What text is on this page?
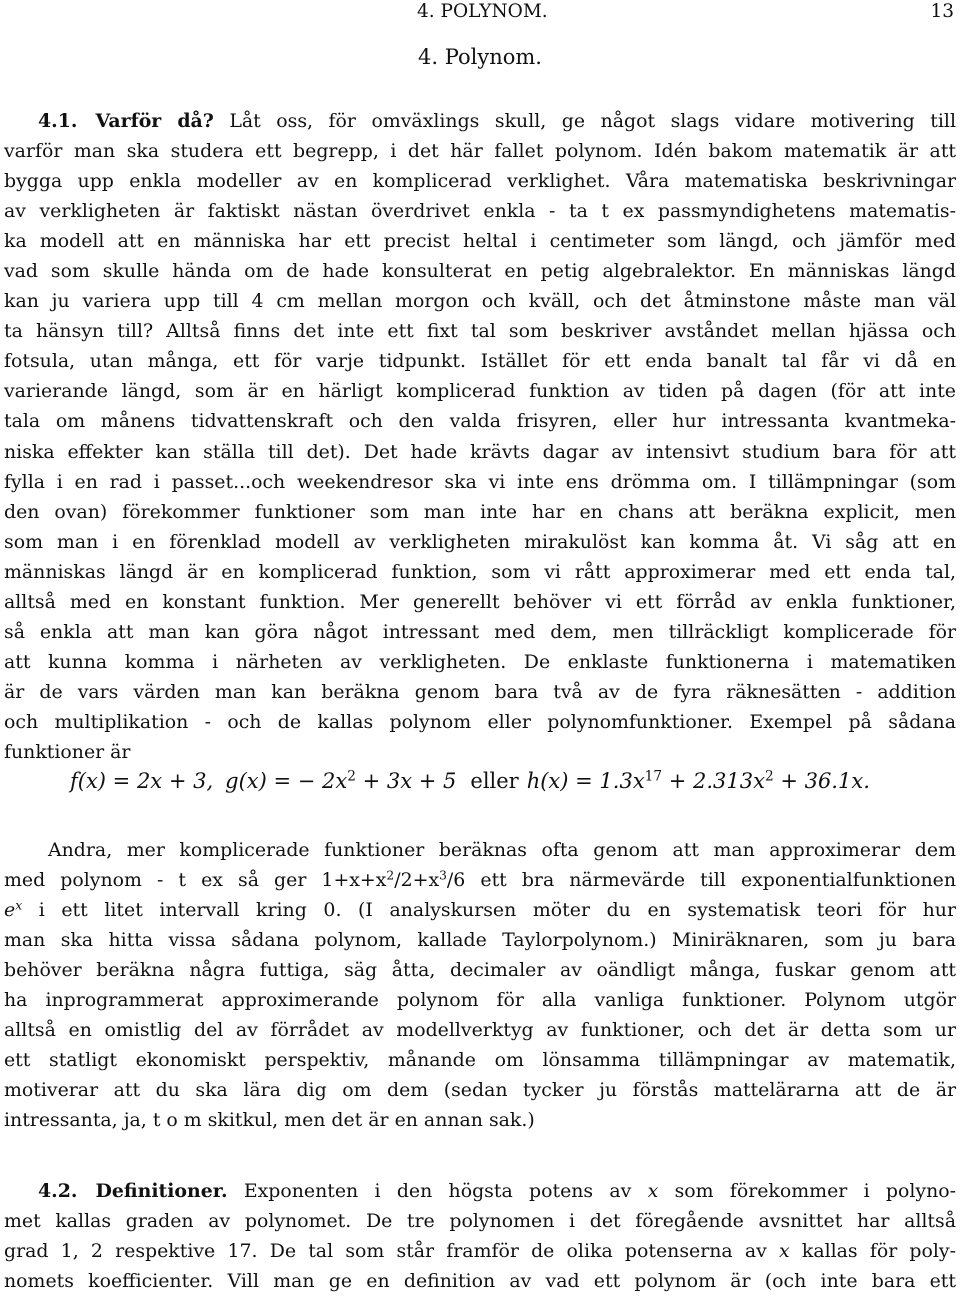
4. POLYNOM.	13
4. Polynom.

4.1. Varför då? Låt oss, för omväxlings skull, ge något slags vidare motivering till
varför man ska studera ett begrepp, i det här fallet polynom. Idén bakom matematik är att
bygga upp enkla modeller av en komplicerad verklighet. Våra matematiska beskrivningar
av verkligheten är faktiskt nästan överdrivet enkla - ta t ex passmyndighetens matematis-
ka modell att en människa har ett precist heltal i centimeter som längd, och jämför med
vad som skulle hända om de hade konsulterat en petig algebralektor. En människas längd
kan ju variera upp till 4 cm mellan morgon och kväll, och det åtminstone måste man väl
ta hänsyn till? Alltså finns det inte ett fixt tal som beskriver avståndet mellan hjässa och
fotsula, utan många, ett för varje tidpunkt. Istället för ett enda banalt tal får vi då en
varierande längd, som är en härligt komplicerad funktion av tiden på dagen (för att inte
tala om månens tidvattenskraft och den valda frisyren, eller hur intressanta kvantmeka-
niska effekter kan ställa till det). Det hade krävts dagar av intensivt studium bara för att
fylla i en rad i passet...och weekendresor ska vi inte ens drömma om. I tillämpningar (som
den ovan) förekommer funktioner som man inte har en chans att beräkna explicit, men
som man i en förenklad modell av verkligheten mirakulöst kan komma åt. Vi såg att en
människas längd är en komplicerad funktion, som vi rått approximerar med ett enda tal,
alltså med en konstant funktion. Mer generellt behöver vi ett förråd av enkla funktioner,
så enkla att man kan göra något intressant med dem, men tillräckligt komplicerade för
att kunna komma i närheten av verkligheten. De enklaste funktionerna i matematiken
är de vars värden man kan beräkna genom bara två av de fyra räknesätten - addition
och multiplikation - och de kallas polynom eller polynomfunktioner. Exempel på sådana
funktioner är

f(x) = 2x + 3, g(x) = − $2x^2 + 3x + 5$ eller $h(x) = 1.3x^{17} + 2.313x^2 + 36.1x$.
Andra, mer komplicerade funktioner beräknas ofta genom att man approximerar dem
med polynom - t ex så ger $1+x+x^2/2+x^3/6$ ett bra närmevärde till exponentialfunktionen
$e^x$ i ett litet intervall kring 0. (I analyskursen möter du en systematisk teori för hur
man ska hitta vissa sådana polynom, kallade Taylorpolynom.) Miniräknaren, som ju bara
behöver beräkna några futtiga, säg åtta, decimaler av oändligt många, fuskar genom att
ha inprogrammerat approximerande polynom för alla vanliga funktioner. Polynom utgör
alltså en omistlig del av förrådet av modellverktyg av funktioner, och det är detta som ur
ett statligt ekonomiskt perspektiv, månande om lönsamma tillämpningar av matematik,
motiverar att du ska lära dig om dem (sedan tycker ju förstås mattelärarna att de är
intressanta, ja, t o m skitkul, men det är en annan sak.)
4.2. Definitioner. Exponenten i den högsta potens av x som förekommer i polyno-
met kallas graden av polynomet. De tre polynomen i det föregående avsnittet har alltså
grad 1, 2 respektive 17. De tal som står framför de olika potenserna av x kallas för poly-
nomets koefficienter. Vill man ge en definition av vad ett polynom är (och inte bara ett
